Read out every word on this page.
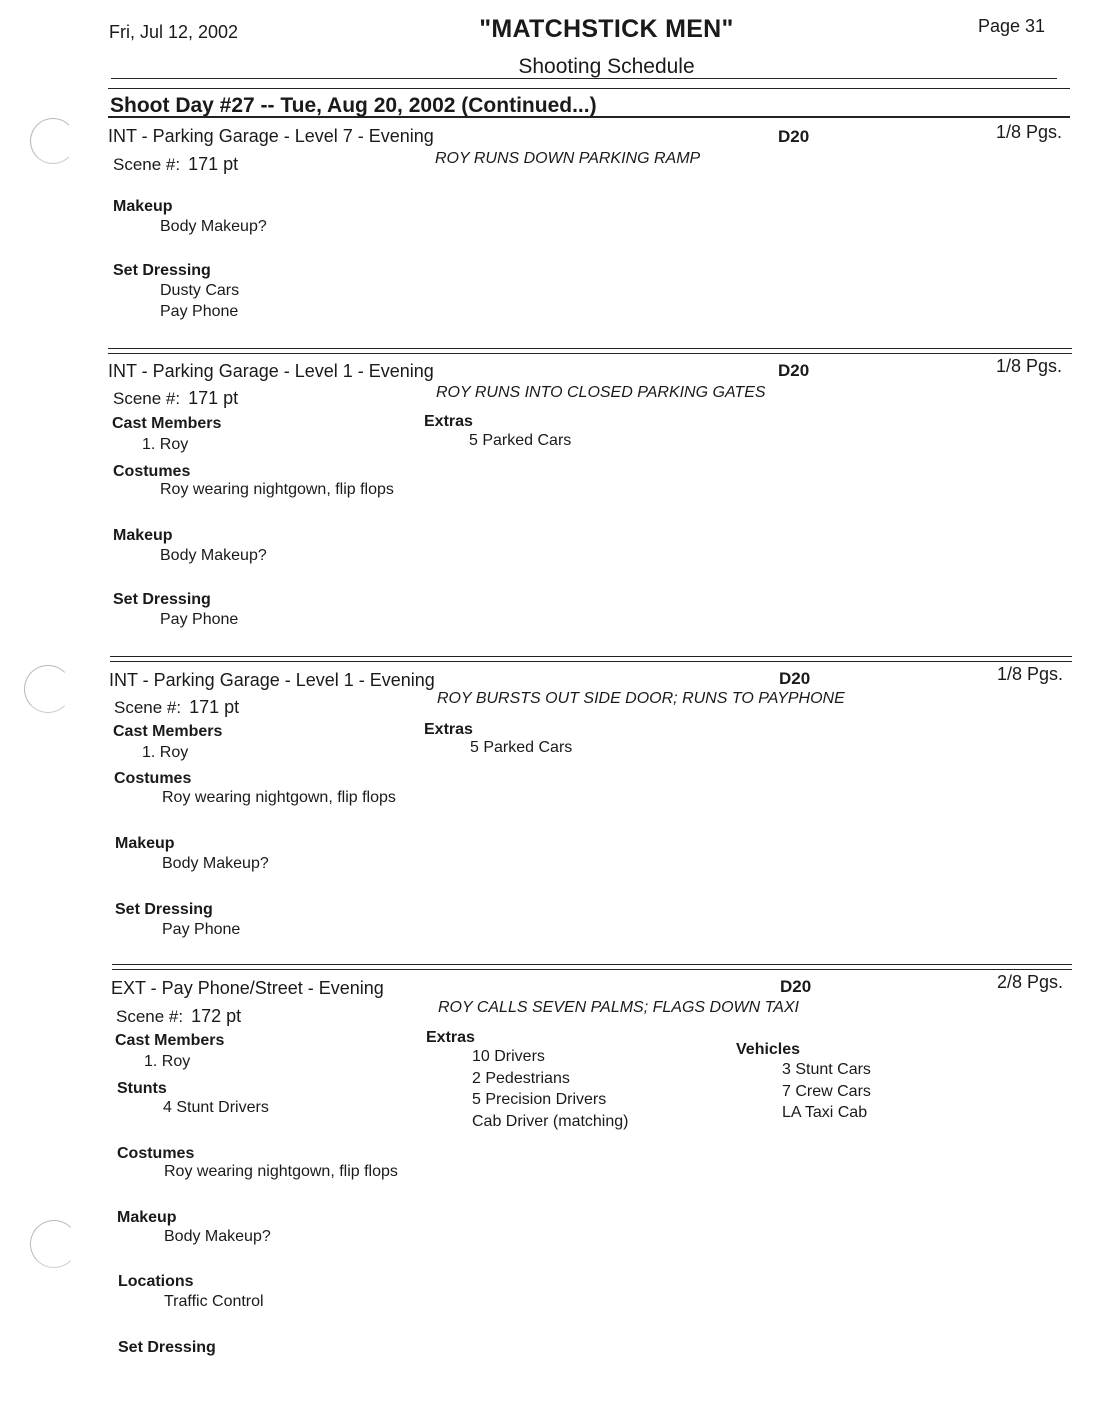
Fri, Jul 12, 2002	"MATCHSTICK MEN"
Shooting Schedule
Page 31
Shoot Day #27 -- Tue, Aug 20, 2002 (Continued...)
INT - Parking Garage - Level 7 - Evening	D20	1/8 Pgs.
Scene #: 171 pt	ROY RUNS DOWN PARKING RAMP
Makeup
Body Makeup?
Set Dressing
Dusty Cars
Pay Phone
INT - Parking Garage - Level 1 - Evening	D20	1/8 Pgs.
Scene #: 171 pt	ROY RUNS INTO CLOSED PARKING GATES
Cast Members
1. Roy
Extras
5 Parked Cars
Costumes
Roy wearing nightgown, flip flops
Makeup
Body Makeup?
Set Dressing
Pay Phone
INT - Parking Garage - Level 1 - Evening	D20	1/8 Pgs.
Scene #: 171 pt	ROY BURSTS OUT SIDE DOOR; RUNS TO PAYPHONE
Cast Members
1. Roy
Extras
5 Parked Cars
Costumes
Roy wearing nightgown, flip flops
Makeup
Body Makeup?
Set Dressing
Pay Phone
EXT - Pay Phone/Street - Evening	D20	2/8 Pgs.
Scene #: 172 pt	ROY CALLS SEVEN PALMS; FLAGS DOWN TAXI
Cast Members
1. Roy
Stunts
4 Stunt Drivers
Extras
10 Drivers
2 Pedestrians
5 Precision Drivers
Cab Driver (matching)
Vehicles
3 Stunt Cars
7 Crew Cars
LA Taxi Cab
Costumes
Roy wearing nightgown, flip flops
Makeup
Body Makeup?
Locations
Traffic Control
Set Dressing
